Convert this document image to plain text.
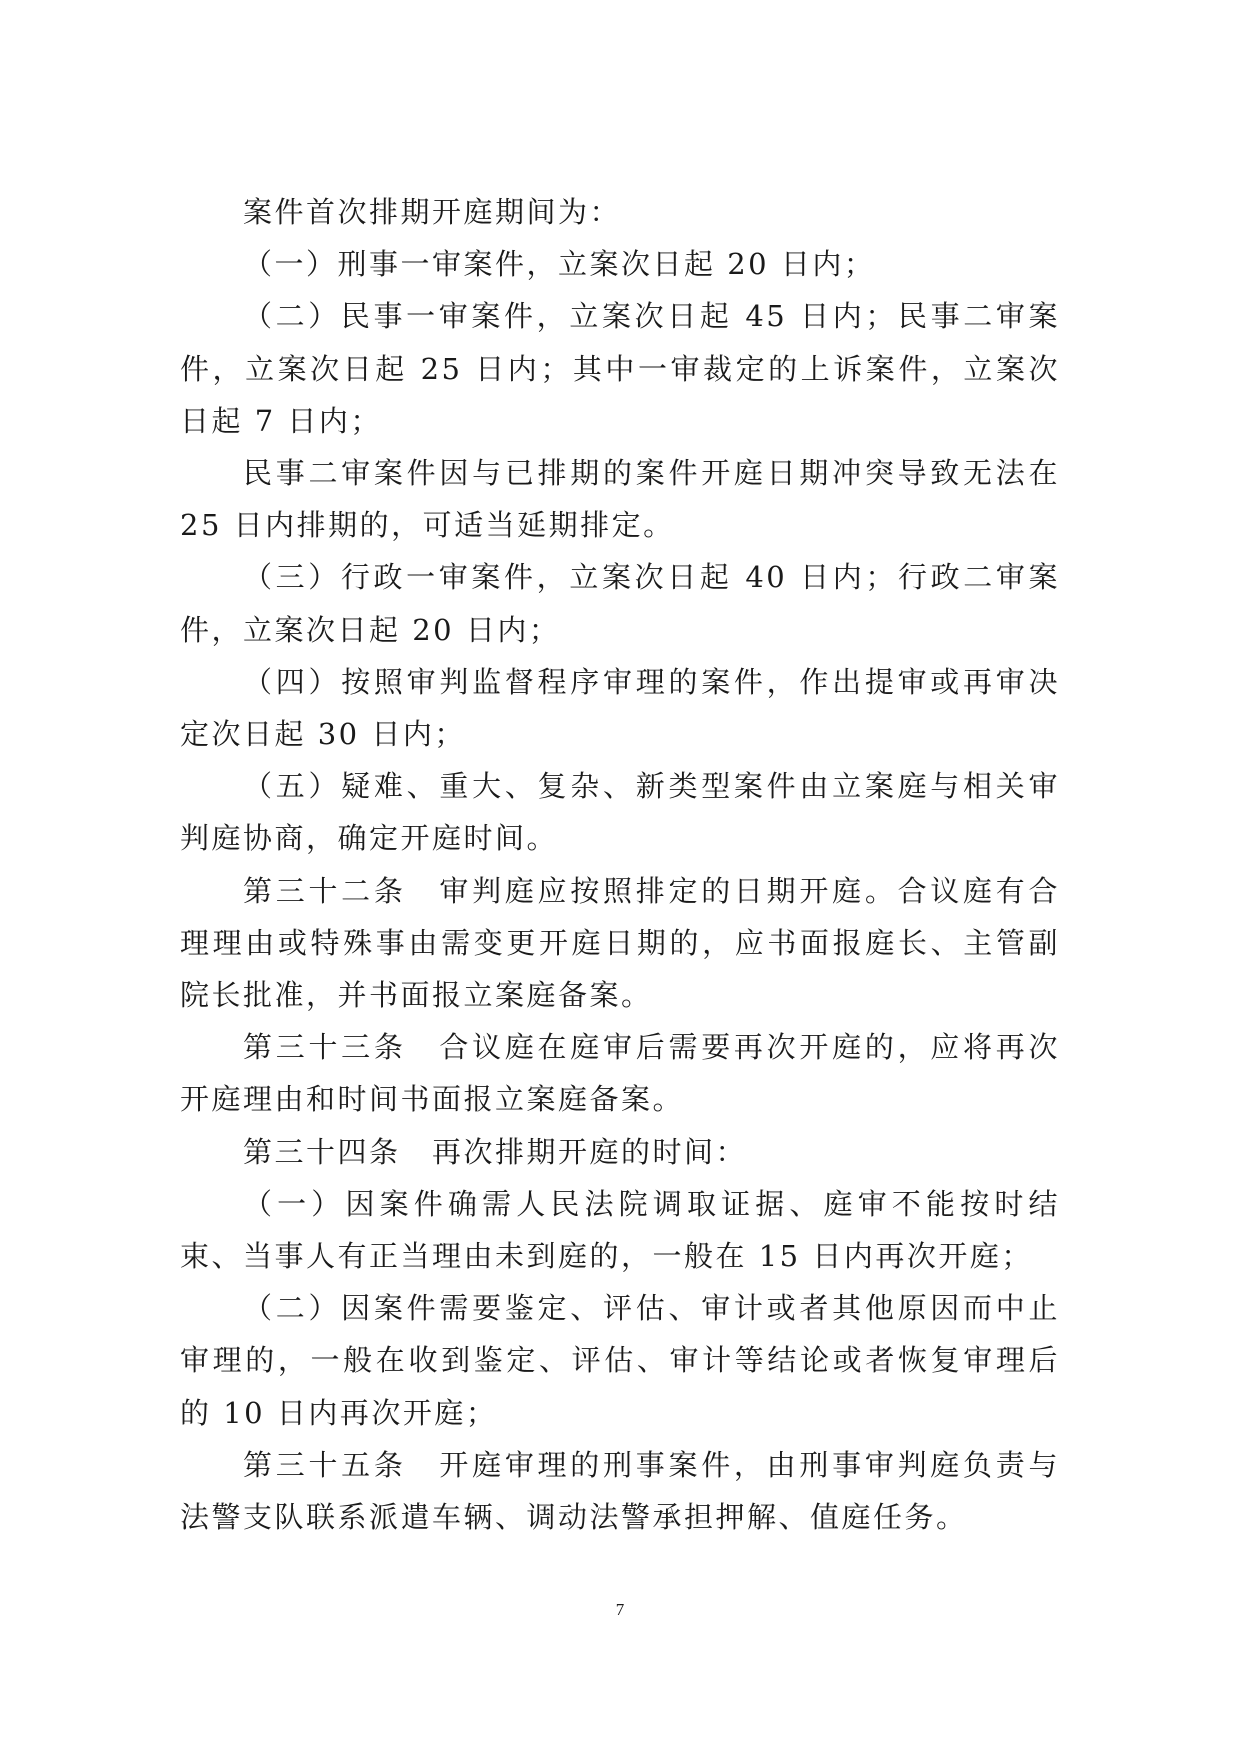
案件首次排期开庭期间为：

（一）刑事一审案件，立案次日起 20 日内；

（二）民事一审案件，立案次日起 45 日内；民事二审案件，立案次日起 25 日内；其中一审裁定的上诉案件，立案次日起 7 日内；

民事二审案件因与已排期的案件开庭日期冲突导致无法在 25 日内排期的，可适当延期排定。

（三）行政一审案件，立案次日起 40 日内；行政二审案件，立案次日起 20 日内；

（四）按照审判监督程序审理的案件，作出提审或再审决定次日起 30 日内；

（五）疑难、重大、复杂、新类型案件由立案庭与相关审判庭协商，确定开庭时间。

第三十二条　审判庭应按照排定的日期开庭。合议庭有合理理由或特殊事由需变更开庭日期的，应书面报庭长、主管副院长批准，并书面报立案庭备案。

第三十三条　合议庭在庭审后需要再次开庭的，应将再次开庭理由和时间书面报立案庭备案。

第三十四条　再次排期开庭的时间：

（一）因案件确需人民法院调取证据、庭审不能按时结束、当事人有正当理由未到庭的，一般在 15 日内再次开庭；

（二）因案件需要鉴定、评估、审计或者其他原因而中止审理的，一般在收到鉴定、评估、审计等结论或者恢复审理后的 10 日内再次开庭；

第三十五条　开庭审理的刑事案件，由刑事审判庭负责与法警支队联系派遣车辆、调动法警承担押解、值庭任务。

7
